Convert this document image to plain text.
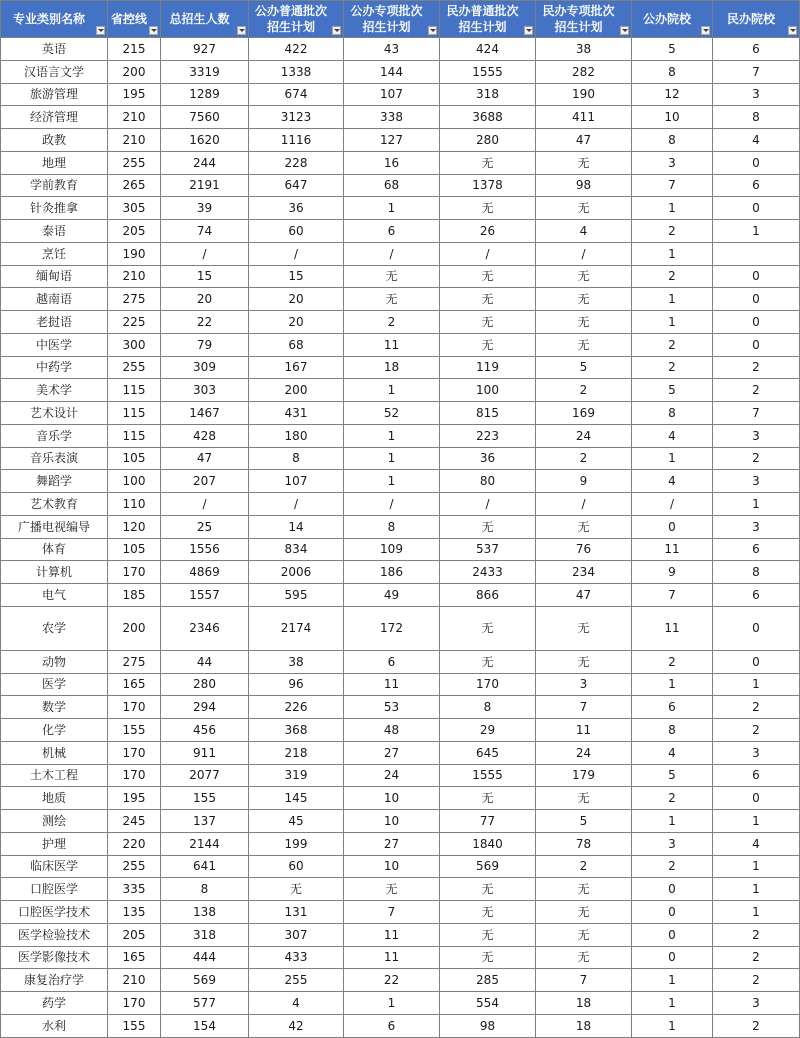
专业类别名称	省控线	总招生人数	公办普通批次招生计划	公办专项批次招生计划	民办普通批次招生计划	民办专项批次招生计划	公办院校	民办院校

英语	215	927	422	43	424	38	5	6
汉语言文学	200	3319	1338	144	1555	282	8	7
旅游管理	195	1289	674	107	318	190	12	3
经济管理	210	7560	3123	338	3688	411	10	8
政教	210	1620	1116	127	280	47	8	4
地理	255	244	228	16	无	无	3	0
学前教育	265	2191	647	68	1378	98	7	6
针灸推拿	305	39	36	1	无	无	1	0
泰语	205	74	60	6	26	4	2	1
烹饪	190	/	/	/	/	/	1	
缅甸语	210	15	15	无	无	无	2	0
越南语	275	20	20	无	无	无	1	0
老挝语	225	22	20	2	无	无	1	0
中医学	300	79	68	11	无	无	2	0
中药学	255	309	167	18	119	5	2	2
美术学	115	303	200	1	100	2	5	2
艺术设计	115	1467	431	52	815	169	8	7
音乐学	115	428	180	1	223	24	4	3
音乐表演	105	47	8	1	36	2	1	2
舞蹈学	100	207	107	1	80	9	4	3
艺术教育	110	/	/	/	/	/	/	1
广播电视编导	120	25	14	8	无	无	0	3
体育	105	1556	834	109	537	76	11	6
计算机	170	4869	2006	186	2433	234	9	8
电气	185	1557	595	49	866	47	7	6
农学	200	2346	2174	172	无	无	11	0
动物	275	44	38	6	无	无	2	0
医学	165	280	96	11	170	3	1	1
数学	170	294	226	53	8	7	6	2
化学	155	456	368	48	29	11	8	2
机械	170	911	218	27	645	24	4	3
土木工程	170	2077	319	24	1555	179	5	6
地质	195	155	145	10	无	无	2	0
测绘	245	137	45	10	77	5	1	1
护理	220	2144	199	27	1840	78	3	4
临床医学	255	641	60	10	569	2	2	1
口腔医学	335	8	无	无	无	无	0	1
口腔医学技术	135	138	131	7	无	无	0	1
医学检验技术	205	318	307	11	无	无	0	2
医学影像技术	165	444	433	11	无	无	0	2
康复治疗学	210	569	255	22	285	7	1	2
药学	170	577	4	1	554	18	1	3
水利	155	154	42	6	98	18	1	2
